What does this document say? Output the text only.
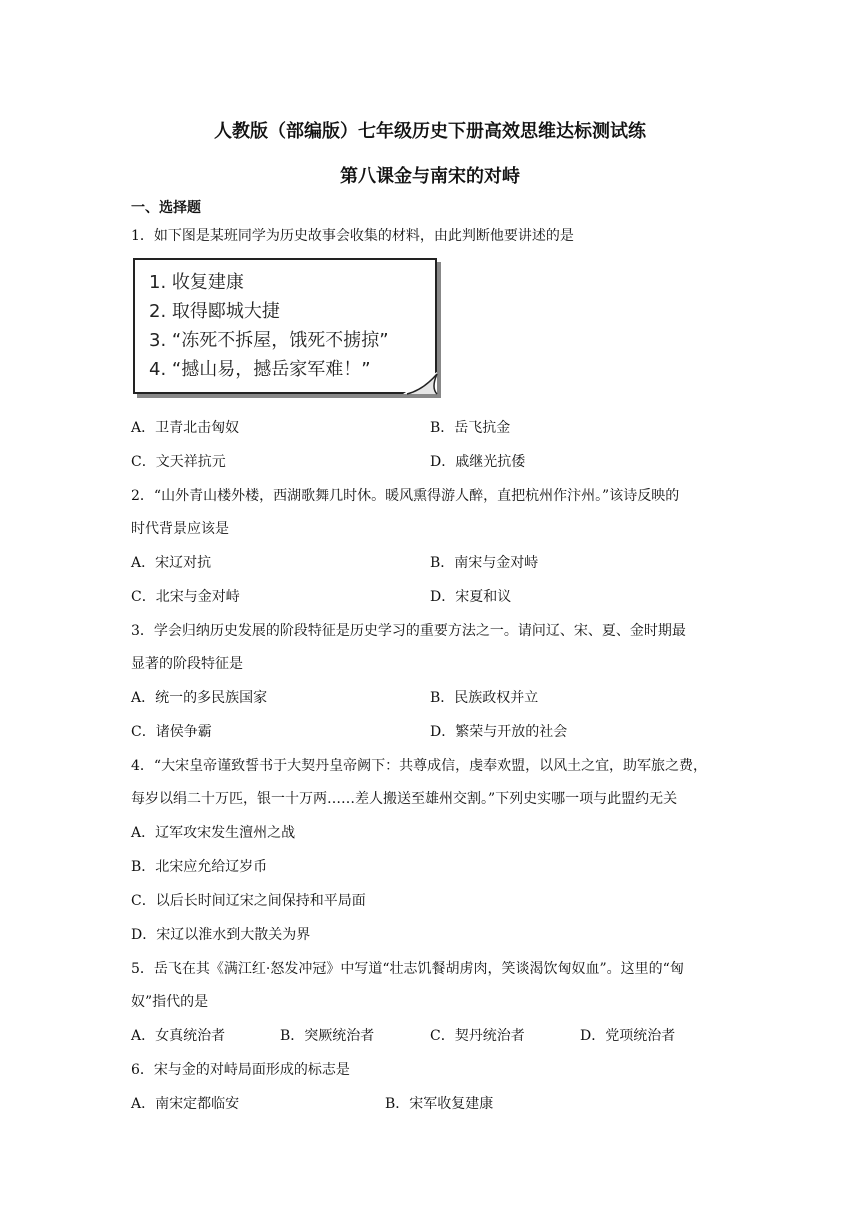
人教版（部编版）七年级历史下册高效思维达标测试练
第八课金与南宋的对峙
一、选择题
1．如下图是某班同学为历史故事会收集的材料，由此判断他要讲述的是
1. 收复建康
2. 取得郾城大捷
3. “冻死不拆屋，饿死不掳掠”
4. “撼山易，撼岳家军难！”
A．卫青北击匈奴	B．岳飞抗金
C．文天祥抗元	D．戚继光抗倭
2．“山外青山楼外楼，西湖歌舞几时休。暖风熏得游人醉，直把杭州作汴州。”该诗反映的
时代背景应该是
A．宋辽对抗	B．南宋与金对峙
C．北宋与金对峙	D．宋夏和议
3．学会归纳历史发展的阶段特征是历史学习的重要方法之一。请问辽、宋、夏、金时期最
显著的阶段特征是
A．统一的多民族国家	B．民族政权并立
C．诸侯争霸	D．繁荣与开放的社会
4．“大宋皇帝谨致誓书于大契丹皇帝阙下：共尊成信，虔奉欢盟，以风土之宜，助军旅之费，
每岁以绢二十万匹，银一十万两……差人搬送至雄州交割。”下列史实哪一项与此盟约无关
A．辽军攻宋发生澶州之战
B．北宋应允给辽岁币
C．以后长时间辽宋之间保持和平局面
D．宋辽以淮水到大散关为界
5．岳飞在其《满江红·怒发冲冠》中写道“壮志饥餐胡虏肉，笑谈渴饮匈奴血”。这里的“匈
奴”指代的是
A．女真统治者	B．突厥统治者	C．契丹统治者	D．党项统治者
6．宋与金的对峙局面形成的标志是
A．南宋定都临安	B．宋军收复建康
